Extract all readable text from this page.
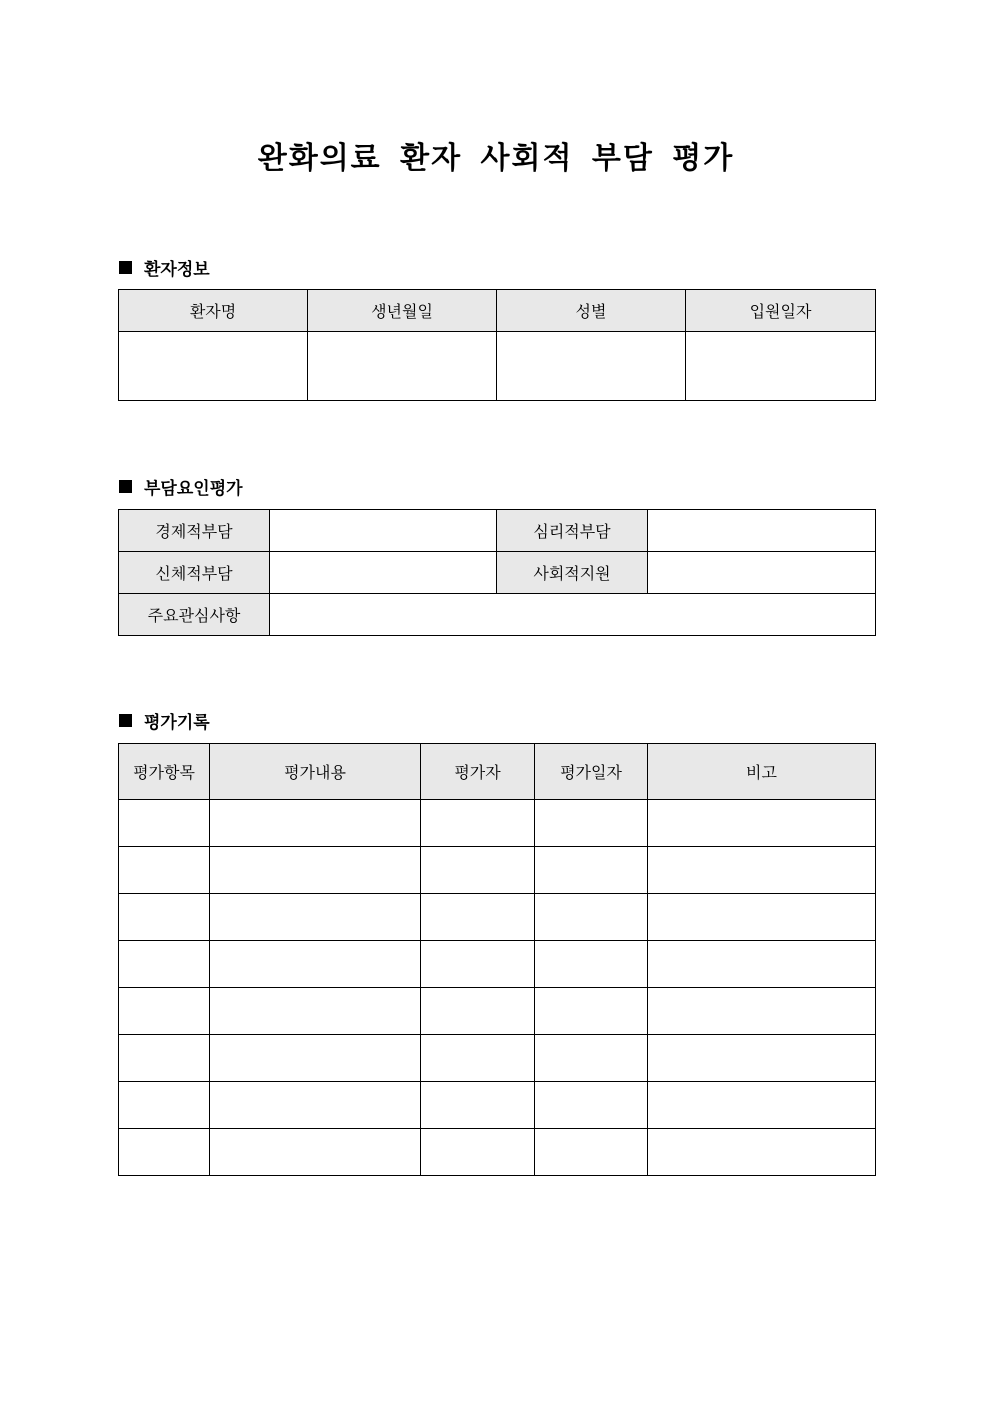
완화의료 환자 사회적 부담 평가
환자정보
환자명	생년월일	성별	입원일자

부담요인평가
경제적부담		심리적부담	
신체적부담		사회적지원	
주요관심사항			
평가기록
평가항목	평가내용	평가자	평가일자	비고
